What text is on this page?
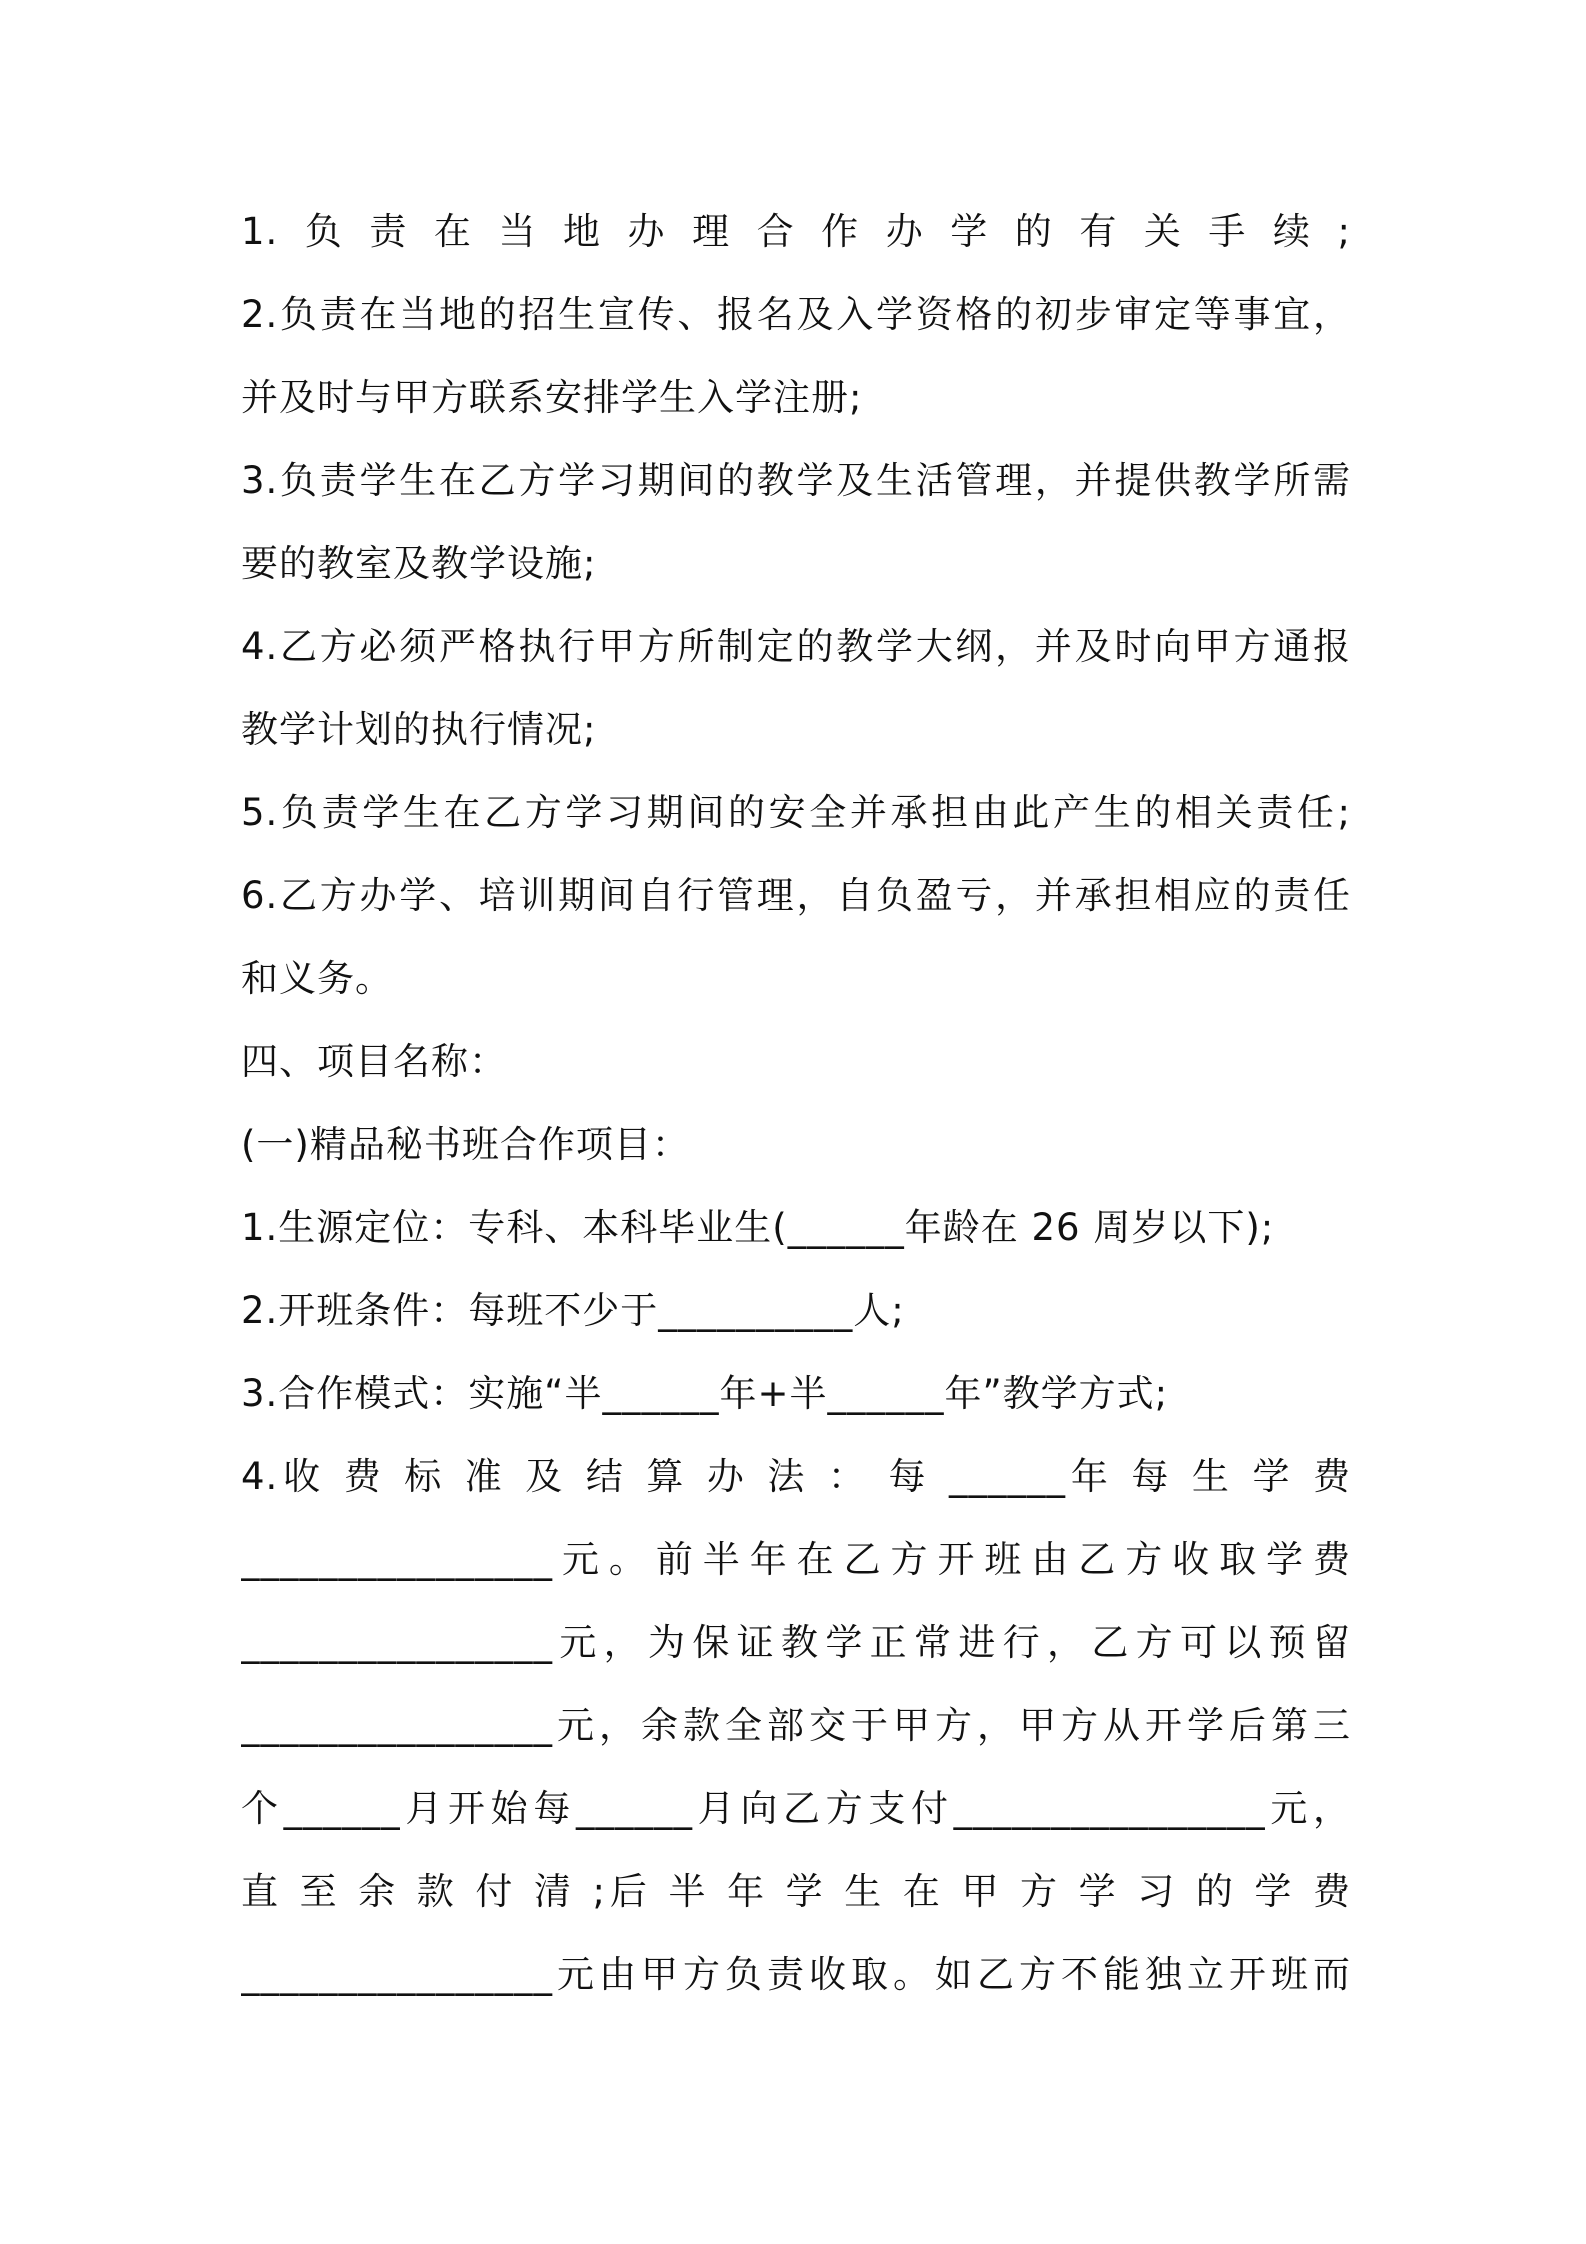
1.负责在当地办理合作办学的有关手续;
2.负责在当地的招生宣传、报名及入学资格的初步审定等事宜，
并及时与甲方联系安排学生入学注册;
3.负责学生在乙方学习期间的教学及生活管理，并提供教学所需
要的教室及教学设施;
4.乙方必须严格执行甲方所制定的教学大纲，并及时向甲方通报
教学计划的执行情况;
5.负责学生在乙方学习期间的安全并承担由此产生的相关责任;
6.乙方办学、培训期间自行管理，自负盈亏，并承担相应的责任
和义务。
四、项目名称：
(一)精品秘书班合作项目：
1.生源定位：专科、本科毕业生(______年龄在 26 周岁以下);
2.开班条件：每班不少于__________人;
3.合作模式：实施“半______年+半______年”教学方式;
4.收 费 标 准 及 结 算 办 法 ： 每 ______年 每 生 学 费
________________元。前半年在乙方开班由乙方收取学费
________________元，为保证教学正常进行，乙方可以预留
________________元，余款全部交于甲方，甲方从开学后第三
个______月开始每______月向乙方支付________________元，
直 至 余 款 付 清 ;后 半 年 学 生 在 甲 方 学 习 的 学 费
________________元由甲方负责收取。如乙方不能独立开班而
